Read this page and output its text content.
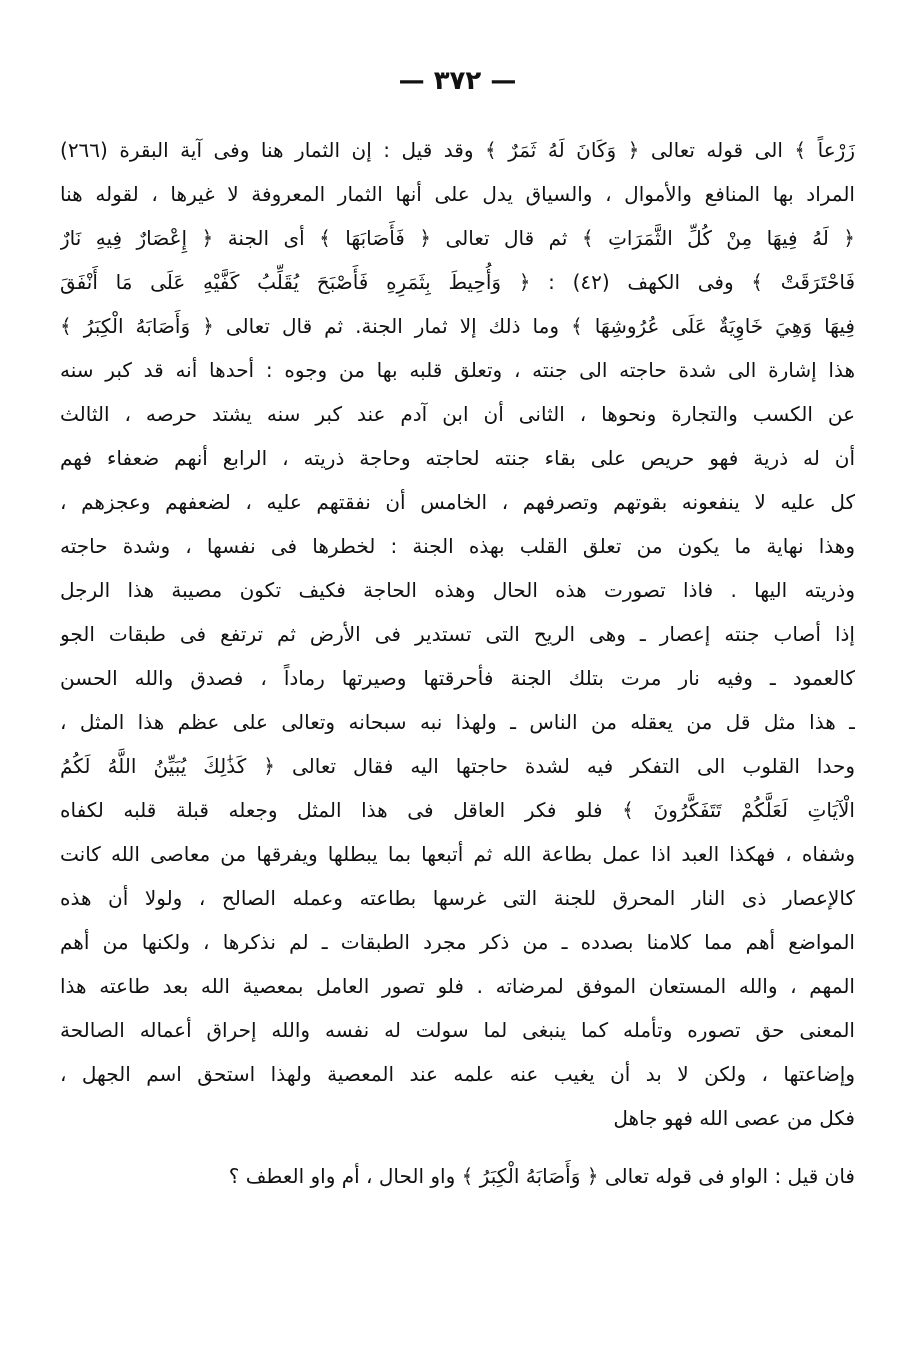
— ٣٧٢ —
زَرْعاً ﴾ الى قوله تعالى ﴿ وَكَانَ لَهُ ثَمَرٌ ﴾ وقد قيل : إن الثمار هنا وفى آية البقرة (٢٦٦)
المراد بها المنافع والأموال ، والسياق يدل على أنها الثمار المعروفة لا غيرها ، لقوله هنا
﴿ لَهُ فِيهَا مِنْ كُلِّ الثَّمَرَاتِ ﴾ ثم قال تعالى ﴿ فَأَصَابَهَا ﴾ أى الجنة ﴿ إِعْصَارٌ فِيهِ نَارٌ
فَاحْتَرَقَتْ ﴾ وفى الكهف (٤٢) : ﴿ وَأُحِيطَ بِثَمَرِهِ فَأَصْبَحَ يُقَلِّبُ كَفَّيْهِ عَلَى مَا أَنْفَقَ
فِيهَا وَهِيَ خَاوِيَةٌ عَلَى عُرُوشِهَا ﴾ وما ذلك إلا ثمار الجنة. ثم قال تعالى ﴿ وَأَصَابَهُ الْكِبَرُ ﴾
هذا إشارة الى شدة حاجته الى جنته ، وتعلق قلبه بها من وجوه : أحدها أنه قد كبر سنه
عن الكسب والتجارة ونحوها ، الثانى أن ابن آدم عند كبر سنه يشتد حرصه ، الثالث
أن له ذرية فهو حريص على بقاء جنته لحاجته وحاجة ذريته ، الرابع أنهم ضعفاء فهم
كل عليه لا ينفعونه بقوتهم وتصرفهم ، الخامس أن نفقتهم عليه ، لضعفهم وعجزهم ،
وهذا نهاية ما يكون من تعلق القلب بهذه الجنة : لخطرها فى نفسها ، وشدة حاجته
وذريته اليها . فاذا تصورت هذه الحال وهذه الحاجة فكيف تكون مصيبة هذا الرجل
إذا أصاب جنته إعصار ـ وهى الريح التى تستدير فى الأرض ثم ترتفع فى طبقات الجو
كالعمود ـ وفيه نار مرت بتلك الجنة فأحرقتها وصيرتها رماداً ، فصدق والله الحسن
ـ هذا مثل قل من يعقله من الناس ـ ولهذا نبه سبحانه وتعالى على عظم هذا المثل ،
وحدا القلوب الى التفكر فيه لشدة حاجتها اليه فقال تعالى ﴿ كَذَٰلِكَ يُبَيِّنُ اللَّهُ لَكُمُ
الْآيَاتِ لَعَلَّكُمْ تَتَفَكَّرُونَ ﴾ فلو فكر العاقل فى هذا المثل وجعله قبلة قلبه لكفاه
وشفاه ، فهكذا العبد اذا عمل بطاعة الله ثم أتبعها بما يبطلها ويفرقها من معاصى الله كانت
كالإعصار ذى النار المحرق للجنة التى غرسها بطاعته وعمله الصالح ، ولولا أن هذه
المواضع أهم مما كلامنا بصدده ـ من ذكر مجرد الطبقات ـ لم نذكرها ، ولكنها من أهم
المهم ، والله المستعان الموفق لمرضاته . فلو تصور العامل بمعصية الله بعد طاعته هذا
المعنى حق تصوره وتأمله كما ينبغى لما سولت له نفسه والله إحراق أعماله الصالحة
وإضاعتها ، ولكن لا بد أن يغيب عنه علمه عند المعصية ولهذا استحق اسم الجهل ،
فكل من عصى الله فهو جاهل
فان قيل : الواو فى قوله تعالى ﴿ وَأَصَابَهُ الْكِبَرُ ﴾ واو الحال ، أم واو العطف ؟
